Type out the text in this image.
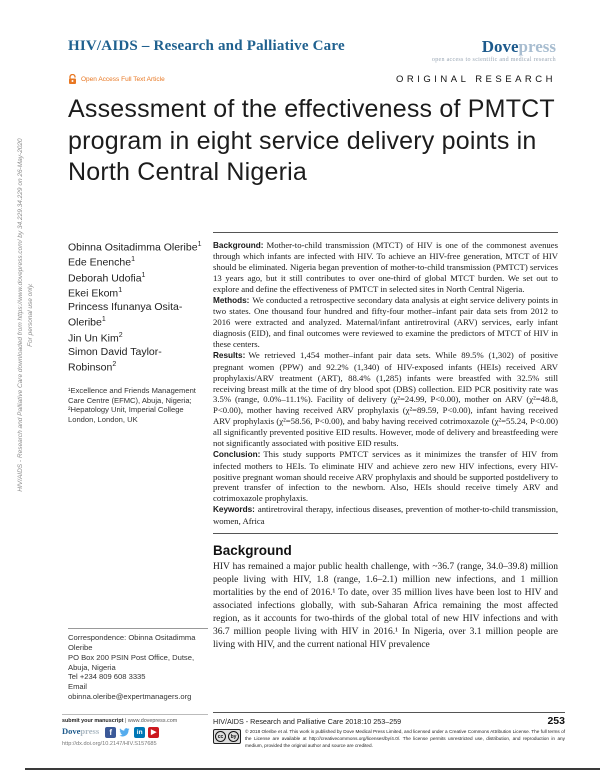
HIV/AIDS - Research and Palliative Care downloaded from https://www.dovepress.com/ by 34.229.34.229 on 26-May-2020 For personal use only.
HIV/AIDS – Research and Palliative Care	Dovepress
open access to scientific and medical research
Open Access Full Text Article	ORIGINAL RESEARCH
Assessment of the effectiveness of PMTCT program in eight service delivery points in North Central Nigeria
Obinna Ositadimma Oleribe$^1$
Ede Enenche$^1$
Deborah Udofia$^1$
Ekei Ekom$^1$
Princess Ifunanya Osita-Oleribe$^1$
Jin Un Kim$^2$
Simon David Taylor-Robinson$^2$
¹Excellence and Friends Management Care Centre (EFMC), Abuja, Nigeria; ²Hepatology Unit, Imperial College London, London, UK
Correspondence: Obinna Ositadimma Oleribe
PO Box 200 PSIN Post Office, Dutse, Abuja, Nigeria
Tel +234 809 608 3335
Email obinna.oleribe@expertmanagers.org

Background: Mother-to-child transmission (MTCT) of HIV is one of the commonest avenues through which infants are infected with HIV. To achieve an HIV-free generation, MTCT of HIV should be eliminated. Nigeria began prevention of mother-to-child transmission (PMTCT) services 13 years ago, but it still contributes to over one-third of global MTCT burden. We set out to explore and define the effectiveness of PMTCT in selected sites in North Central Nigeria.

Methods: We conducted a retrospective secondary data analysis at eight service delivery points in two states. One thousand four hundred and fifty-four mother–infant pair data sets from 2012 to 2016 were extracted and analyzed. Maternal/infant antiretroviral (ARV) services, early infant diagnosis (EID), and final outcomes were reviewed to examine the predictors of MTCT of HIV in these centers.

Results: We retrieved 1,454 mother–infant pair data sets. While 89.5% (1,302) of positive pregnant women (PPW) and 92.2% (1,340) of HIV-exposed infants (HEIs) received ARV prophylaxis/ARV treatment (ART), 88.4% (1,285) infants were breastfed with 32.5% still receiving breast milk at the time of dry blood spot (DBS) collection. EID PCR positivity rate was 3.5% (range, 0.0%–11.1%). Facility of delivery (χ²=24.99, P<0.00), mother on ARV (χ²=48.8, P<0.00), mother having received ARV prophylaxis (χ²=89.59, P<0.00), infant having received ARV prophylaxis (χ²=58.56, P<0.00), and baby having received cotrimoxazole (χ²=55.24, P<0.00) all significantly prevented positive EID results. However, mode of delivery and breastfeeding were not significantly associated with positive EID results.

Conclusion: This study supports PMTCT services as it minimizes the transfer of HIV from infected mothers to HEIs. To eliminate HIV and achieve zero new HIV infections, every HIV-positive pregnant woman should receive ARV prophylaxis and should be supported postdelivery to prevent transfer of infection to the newborn. Also, HEIs should receive timely ARV and cotrimoxazole prophylaxis.

Keywords: antiretroviral therapy, infectious diseases, prevention of mother-to-child transmission, women, Africa

Background

HIV has remained a major public health challenge, with ~36.7 (range, 34.0–39.8) million people living with HIV, 1.8 (range, 1.6–2.1) million new infections, and 1 million mortalities by the end of 2016.¹ To date, over 35 million lives have been lost to HIV and associated infections globally, with sub-Saharan Africa remaining the most affected region, as it accounts for two-thirds of the global total of new HIV infections and with 36.7 million people living with HIV in 2016.¹ In Nigeria, over 3.1 million people are living with HIV, and the current national HIV prevalence

submit your manuscript | www.dovepress.com
Dovepress	f	in	▶
http://dx.doi.org/10.2147/HIV.S157685
HIV/AIDS - Research and Palliative Care 2018:10 253–259	253
cc	by
© 2018 Oleribe et al. This work is published by Dove Medical Press Limited, and licensed under a Creative Commons Attribution License. The full terms of the License are available at http://creativecommons.org/licenses/by/4.0/. The license permits unrestricted use, distribution, and reproduction in any medium, provided the original author and source are credited.
